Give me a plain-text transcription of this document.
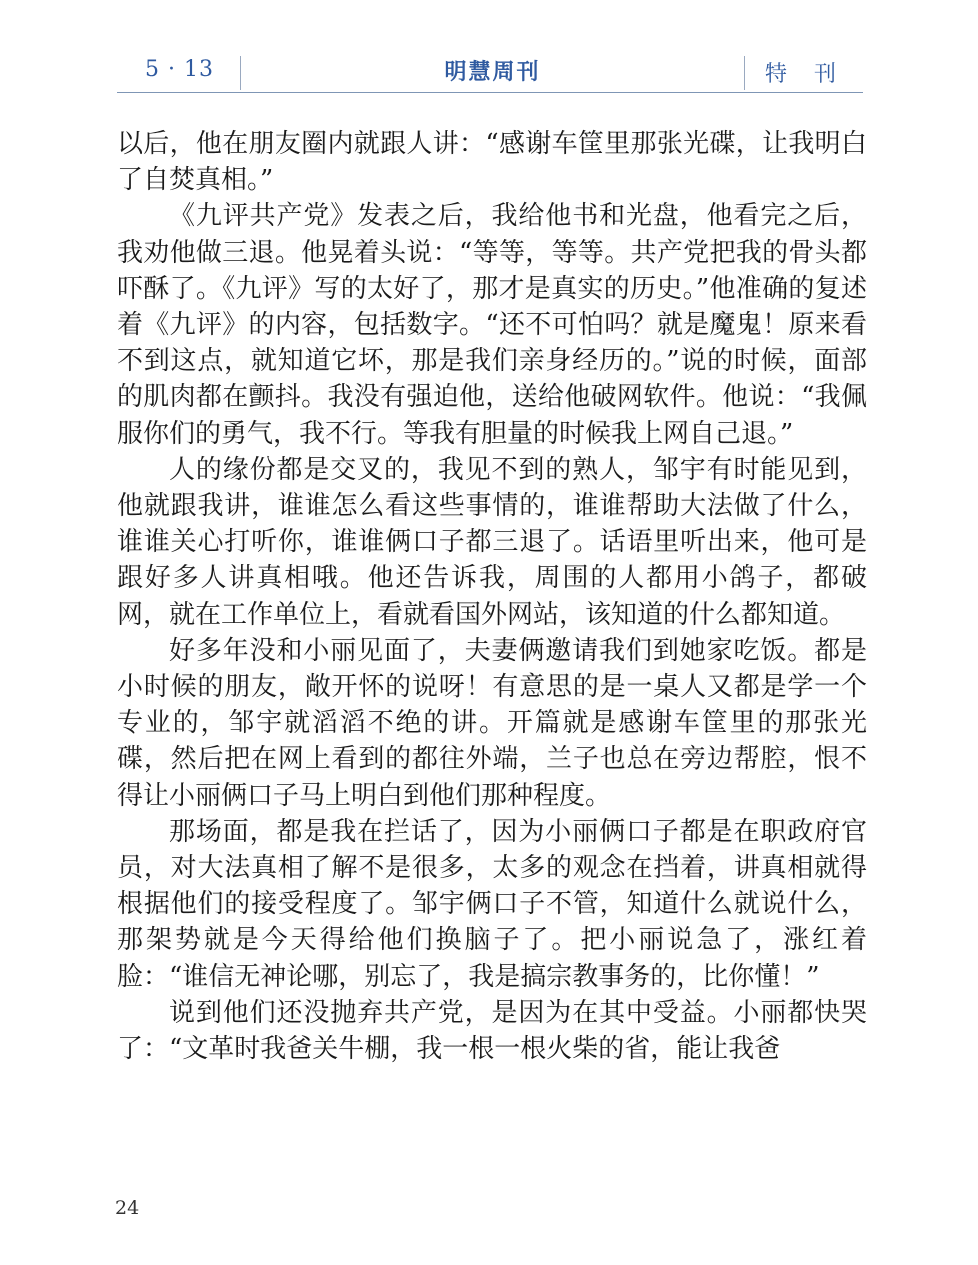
5 · 13	明慧周刊	特 刊

以后，他在朋友圈内就跟人讲：“感谢车筐里那张光碟，让我明白了自焚真相。”

《九评共产党》发表之后，我给他书和光盘，他看完之后，我劝他做三退。他晃着头说：“等等，等等。共产党把我的骨头都吓酥了。《九评》写的太好了，那才是真实的历史。”他准确的复述着《九评》的内容，包括数字。“还不可怕吗？就是魔鬼！原来看不到这点，就知道它坏，那是我们亲身经历的。”说的时候，面部的肌肉都在颤抖。我没有强迫他，送给他破网软件。他说：“我佩服你们的勇气，我不行。等我有胆量的时候我上网自己退。”

人的缘份都是交叉的，我见不到的熟人，邹宇有时能见到，他就跟我讲，谁谁怎么看这些事情的，谁谁帮助大法做了什么，谁谁关心打听你，谁谁俩口子都三退了。话语里听出来，他可是跟好多人讲真相哦。他还告诉我，周围的人都用小鸽子，都破网，就在工作单位上，看就看国外网站，该知道的什么都知道。

好多年没和小丽见面了，夫妻俩邀请我们到她家吃饭。都是小时候的朋友，敞开怀的说呀！有意思的是一桌人又都是学一个专业的，邹宇就滔滔不绝的讲。开篇就是感谢车筐里的那张光碟，然后把在网上看到的都往外端，兰子也总在旁边帮腔，恨不得让小丽俩口子马上明白到他们那种程度。

那场面，都是我在拦话了，因为小丽俩口子都是在职政府官员，对大法真相了解不是很多，太多的观念在挡着，讲真相就得根据他们的接受程度了。邹宇俩口子不管，知道什么就说什么，那架势就是今天得给他们换脑子了。把小丽说急了，涨红着脸：“谁信无神论哪，别忘了，我是搞宗教事务的，比你懂！”

说到他们还没抛弃共产党，是因为在其中受益。小丽都快哭了：“文革时我爸关牛棚，我一根一根火柴的省，能让我爸

24
